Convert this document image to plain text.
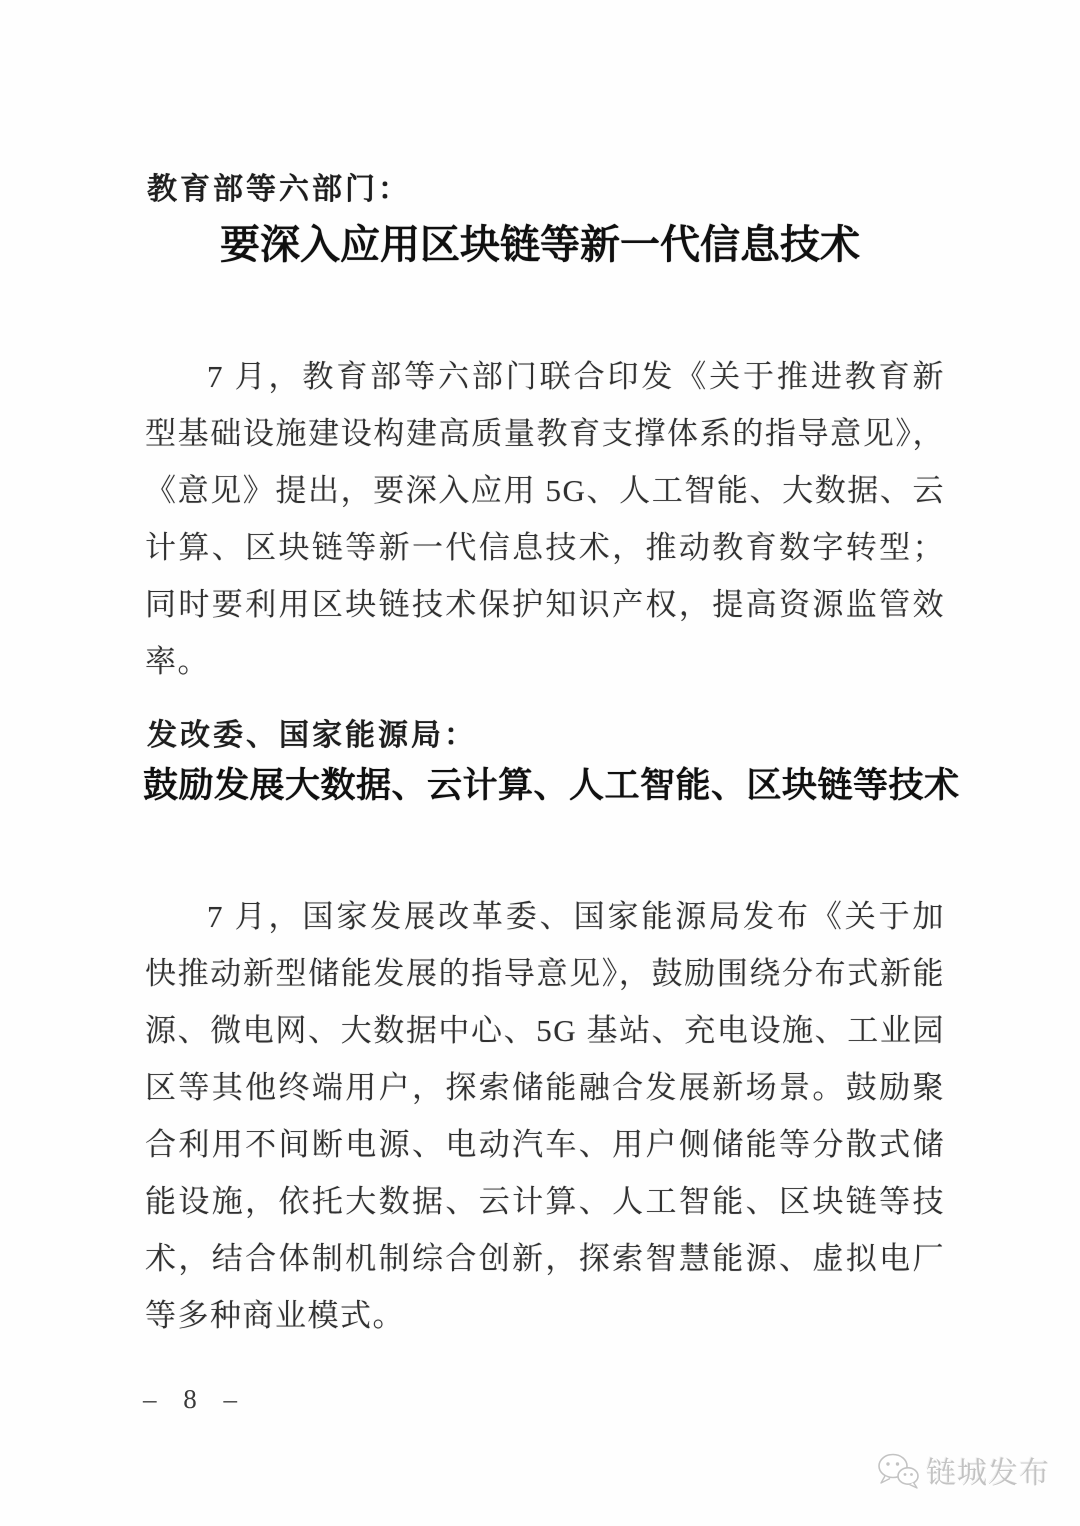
教育部等六部门：
要深入应用区块链等新一代信息技术

7 月，教育部等六部门联合印发《关于推进教育新型基础设施建设构建高质量教育支撑体系的指导意见》，《意见》提出，要深入应用 5G、人工智能、大数据、云计算、区块链等新一代信息技术，推动教育数字转型；同时要利用区块链技术保护知识产权，提高资源监管效率。

发改委、国家能源局：
鼓励发展大数据、云计算、人工智能、区块链等技术

7 月，国家发展改革委、国家能源局发布《关于加快推动新型储能发展的指导意见》，鼓励围绕分布式新能源、微电网、大数据中心、5G 基站、充电设施、工业园区等其他终端用户，探索储能融合发展新场景。鼓励聚合利用不间断电源、电动汽车、用户侧储能等分散式储能设施，依托大数据、云计算、人工智能、区块链等技术，结合体制机制综合创新，探索智慧能源、虚拟电厂等多种商业模式。

– 8 –
链城发布
